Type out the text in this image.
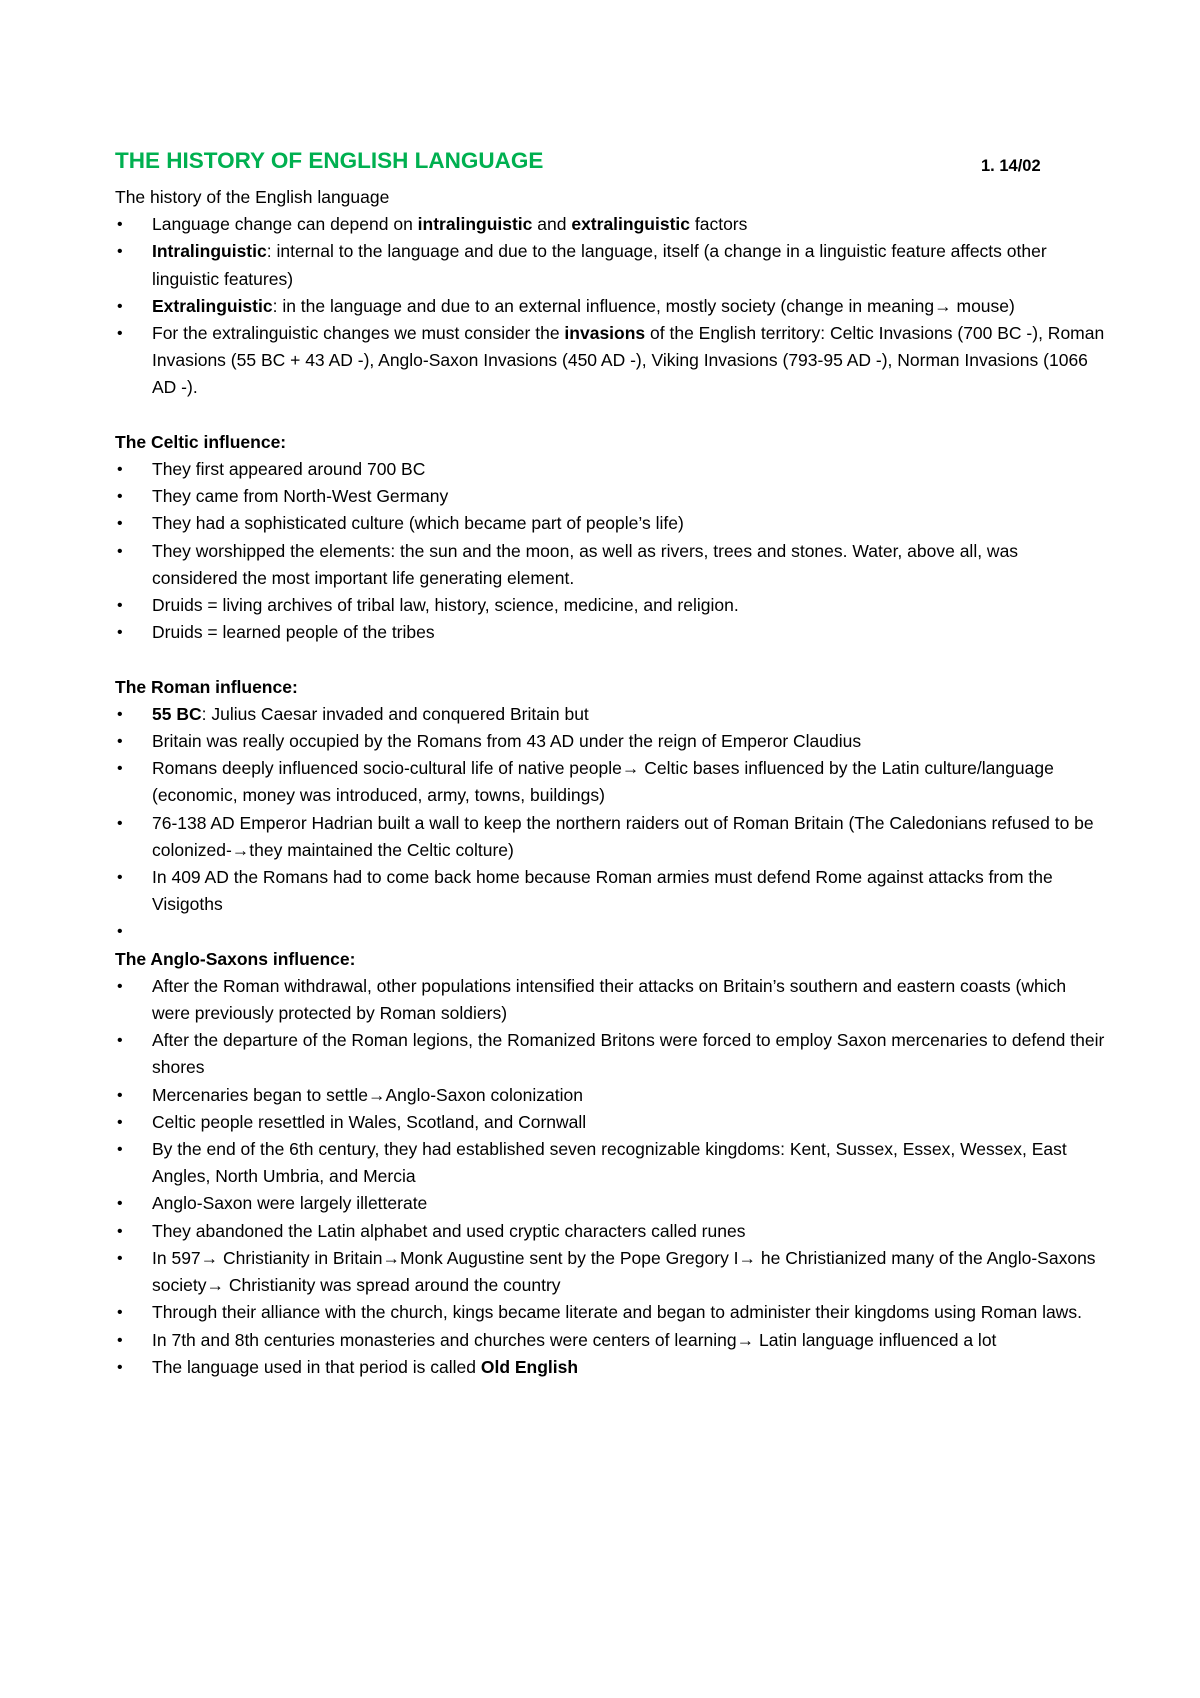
THE HISTORY OF ENGLISH LANGUAGE	1. 14/02

The history of the English language

• Language change can depend on intralinguistic and extralinguistic factors
• Intralinguistic: internal to the language and due to the language, itself (a change in a linguistic feature affects other linguistic features)
• Extralinguistic: in the language and due to an external influence, mostly society (change in meaning→ mouse)
• For the extralinguistic changes we must consider the invasions of the English territory: Celtic Invasions (700 BC -), Roman Invasions (55 BC + 43 AD -), Anglo-Saxon Invasions (450 AD -), Viking Invasions (793-95 AD -), Norman Invasions (1066 AD -).

The Celtic influence:

• They first appeared around 700 BC
• They came from North-West Germany
• They had a sophisticated culture (which became part of people’s life)
• They worshipped the elements: the sun and the moon, as well as rivers, trees and stones. Water, above all, was considered the most important life generating element.
• Druids = living archives of tribal law, history, science, medicine, and religion.
• Druids = learned people of the tribes

The Roman influence:

• 55 BC: Julius Caesar invaded and conquered Britain but
• Britain was really occupied by the Romans from 43 AD under the reign of Emperor Claudius
• Romans deeply influenced socio-cultural life of native people→ Celtic bases influenced by the Latin culture/language (economic, money was introduced, army, towns, buildings)
• 76-138 AD Emperor Hadrian built a wall to keep the northern raiders out of Roman Britain (The Caledonians refused to be colonized-→they maintained the Celtic colture)
• In 409 AD the Romans had to come back home because Roman armies must defend Rome against attacks from the Visigoths
•

The Anglo-Saxons influence:

• After the Roman withdrawal, other populations intensified their attacks on Britain’s southern and eastern coasts (which were previously protected by Roman soldiers)
• After the departure of the Roman legions, the Romanized Britons were forced to employ Saxon mercenaries to defend their shores
• Mercenaries began to settle→Anglo-Saxon colonization
• Celtic people resettled in Wales, Scotland, and Cornwall
• By the end of the 6th century, they had established seven recognizable kingdoms: Kent, Sussex, Essex, Wessex, East Angles, North Umbria, and Mercia
• Anglo-Saxon were largely illetterate
• They abandoned the Latin alphabet and used cryptic characters called runes
• In 597→ Christianity in Britain→Monk Augustine sent by the Pope Gregory I→ he Christianized many of the Anglo-Saxons society→ Christianity was spread around the country
• Through their alliance with the church, kings became literate and began to administer their kingdoms using Roman laws.
• In 7th and 8th centuries monasteries and churches were centers of learning→ Latin language influenced a lot
• The language used in that period is called Old English
